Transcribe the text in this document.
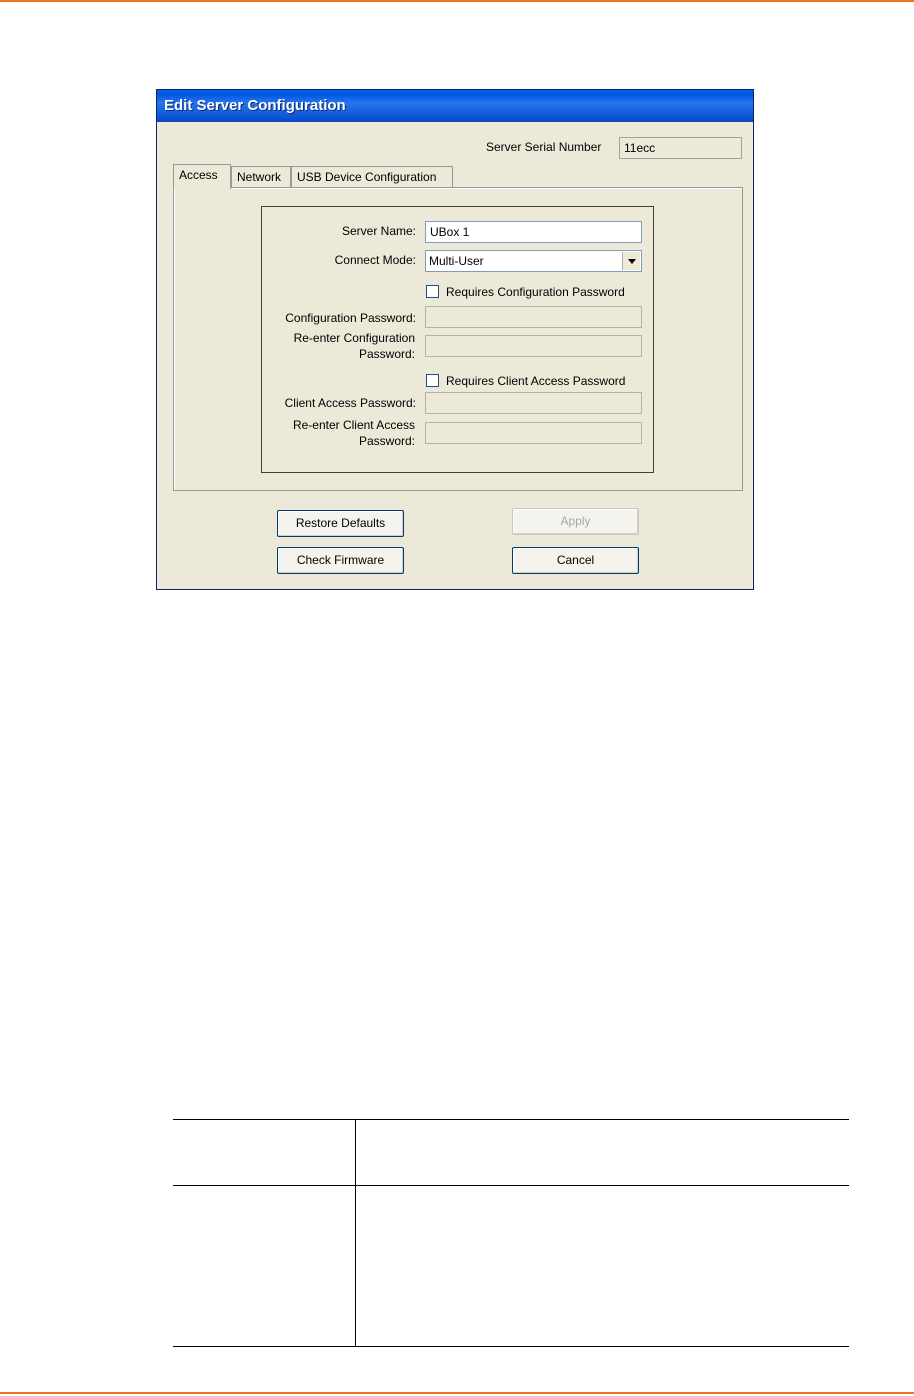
Edit Server Configuration
Server Serial Number	11ecc
Access	Network	USB Device Configuration
Server Name:	UBox 1
Connect Mode:	Multi-User
Requires Configuration Password
Configuration Password:
Re-enter Configuration
Password:
Requires Client Access Password
Client Access Password:
Re-enter Client Access
Password:
Restore Defaults	Apply
Check Firmware	Cancel
